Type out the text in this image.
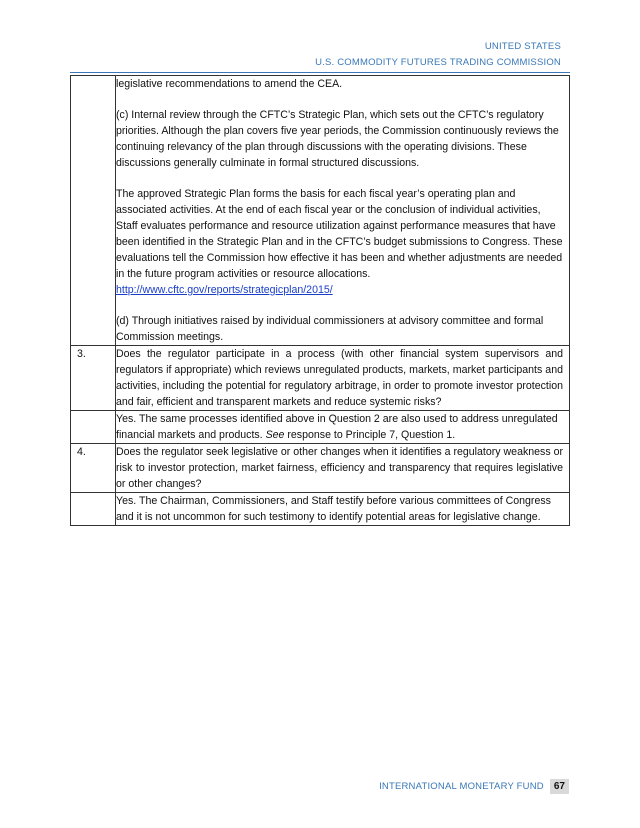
UNITED STATES
U.S. COMMODITY FUTURES TRADING COMMISSION

	legislative recommendations to amend the CEA.

(c) Internal review through the CFTC’s Strategic Plan, which sets out the CFTC’s regulatory priorities. Although the plan covers five year periods, the Commission continuously reviews the continuing relevancy of the plan through discussions with the operating divisions. These discussions generally culminate in formal structured discussions.

The approved Strategic Plan forms the basis for each fiscal year’s operating plan and associated activities. At the end of each fiscal year or the conclusion of individual activities, Staff evaluates performance and resource utilization against performance measures that have been identified in the Strategic Plan and in the CFTC’s budget submissions to Congress. These evaluations tell the Commission how effective it has been and whether adjustments are needed in the future program activities or resource allocations.

http://www.cftc.gov/reports/strategicplan/2015/

(d) Through initiatives raised by individual commissioners at advisory committee and formal Commission meetings.

3.	Does the regulator participate in a process (with other financial system supervisors and regulators if appropriate) which reviews unregulated products, markets, market participants and activities, including the potential for regulatory arbitrage, in order to promote investor protection and fair, efficient and transparent markets and reduce systemic risks?
	Yes. The same processes identified above in Question 2 are also used to address unregulated financial markets and products. See response to Principle 7, Question 1.
4.	Does the regulator seek legislative or other changes when it identifies a regulatory weakness or risk to investor protection, market fairness, efficiency and transparency that requires legislative or other changes?
	Yes. The Chairman, Commissioners, and Staff testify before various committees of Congress and it is not uncommon for such testimony to identify potential areas for legislative change.
INTERNATIONAL MONETARY FUND	67
